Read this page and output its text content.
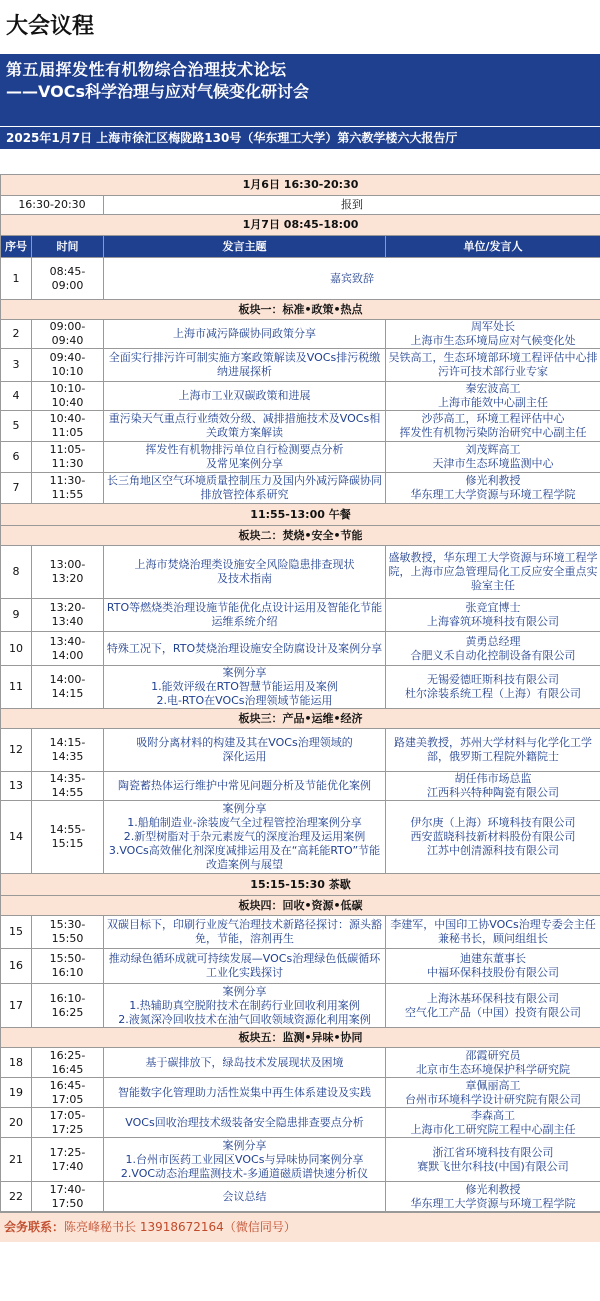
大会议程
第五届挥发性有机物综合治理技术论坛
——VOCs科学治理与应对气候变化研讨会
2025年1月7日 上海市徐汇区梅陇路130号（华东理工大学）第六教学楼六大报告厅
1月6日 16:30-20:30			
16:30-20:30		报到	
1月7日 08:45-18:00			
序号	时间	发言主题	单位/发言人
1	08:45-09:00	嘉宾致辞	
板块一：标准•政策•热点			
2	09:00-09:40	上海市减污降碳协同政策分享	周军处长
上海市生态环境局应对气候变化处
3	09:40-10:10	全面实行排污许可制实施方案政策解读及VOCs排污税缴纳进展探析	吴铁高工，生态环境部环境工程评估中心排污许可技术部行业专家
4	10:10-10:40	上海市工业双碳政策和进展	秦宏波高工
上海市能效中心副主任
5	10:40-11:05	重污染天气重点行业绩效分级、减排措施技术及VOCs相关政策方案解读	沙莎高工，环境工程评估中心
挥发性有机物污染防治研究中心副主任
6	11:05-11:30	挥发性有机物排污单位自行检测要点分析
及常见案例分享	刘茂辉高工
天津市生态环境监测中心
7	11:30-11:55	长三角地区空气环境质量控制压力及国内外减污降碳协同排放管控体系研究	修光利教授
华东理工大学资源与环境工程学院
11:55-13:00 午餐			
板块二：焚烧•安全•节能			
8	13:00-13:20	上海市焚烧治理类设施安全风险隐患排查现状
及技术指南	盛敏教授，华东理工大学资源与环境工程学院，上海市应急管理局化工反应安全重点实验室主任
9	13:20-13:40	RTO等燃烧类治理设施节能优化点设计运用及智能化节能运维系统介绍	张竞宜博士
上海睿筑环境科技有限公司
10	13:40-14:00	特殊工况下，RTO焚烧治理设施安全防腐设计及案例分享	黄勇总经理
合肥义禾自动化控制设备有限公司
11	14:00-14:15	案例分享
1.能效评级在RTO智慧节能运用及案例
2.电-RTO在VOCs治理领域节能运用	无锡爱德旺斯科技有限公司
杜尔涂装系统工程（上海）有限公司
板块三：产品•运维•经济			
12	14:15-14:35	吸附分离材料的构建及其在VOCs治理领域的
深化运用	路建美教授，苏州大学材料与化学化工学部，俄罗斯工程院外籍院士
13	14:35-14:55	陶瓷蓄热体运行维护中常见问题分析及节能优化案例	胡任伟市场总监
江西科兴特种陶瓷有限公司
14	14:55-15:15	案例分享
1.船舶制造业-涂装废气全过程管控治理案例分享
2.新型树脂对于杂元素废气的深度治理及运用案例
3.VOCs高效催化剂深度减排运用及在“高耗能RTO”节能改造案例与展望	伊尔庚（上海）环境科技有限公司
西安蓝晓科技新材料股份有限公司
江苏中创清源科技有限公司
15:15-15:30 茶歇			
板块四：回收•资源•低碳			
15	15:30-15:50	双碳目标下，印刷行业废气治理技术新路径探讨：源头豁免，节能，溶剂再生	李建军，中国印工协VOCs治理专委会主任兼秘书长，顾问组组长
16	15:50-16:10	推动绿色循环成就可持续发展—VOCs治理绿色低碳循环工业化实践探讨	迪建东董事长
中福环保科技股份有限公司
17	16:10-16:25	案例分享
1.热辅助真空脱附技术在制药行业回收利用案例
2.液氮深冷回收技术在油气回收领域资源化利用案例	上海沐基环保科技有限公司
空气化工产品（中国）投资有限公司
板块五：监测•异味•协同			
18	16:25-16:45	基于碳排放下，绿岛技术发展现状及困境	邵霞研究员
北京市生态环境保护科学研究院
19	16:45-17:05	智能数字化管理助力活性炭集中再生体系建设及实践	章佩丽高工
台州市环境科学设计研究院有限公司
20	17:05-17:25	VOCs回收治理技术级装备安全隐患排查要点分析	李森高工
上海市化工研究院工程中心副主任
21	17:25-17:40	案例分享
1.台州市医药工业园区VOCs与异味协同案例分享
2.VOC动态治理监测技术-多通道磁质谱快速分析仪	浙江省环境科技有限公司
赛默飞世尔科技(中国)有限公司
22	17:40-17:50	会议总结	修光利教授
华东理工大学资源与环境工程学院
会务联系：陈亮峰秘书长 13918672164（微信同号）
